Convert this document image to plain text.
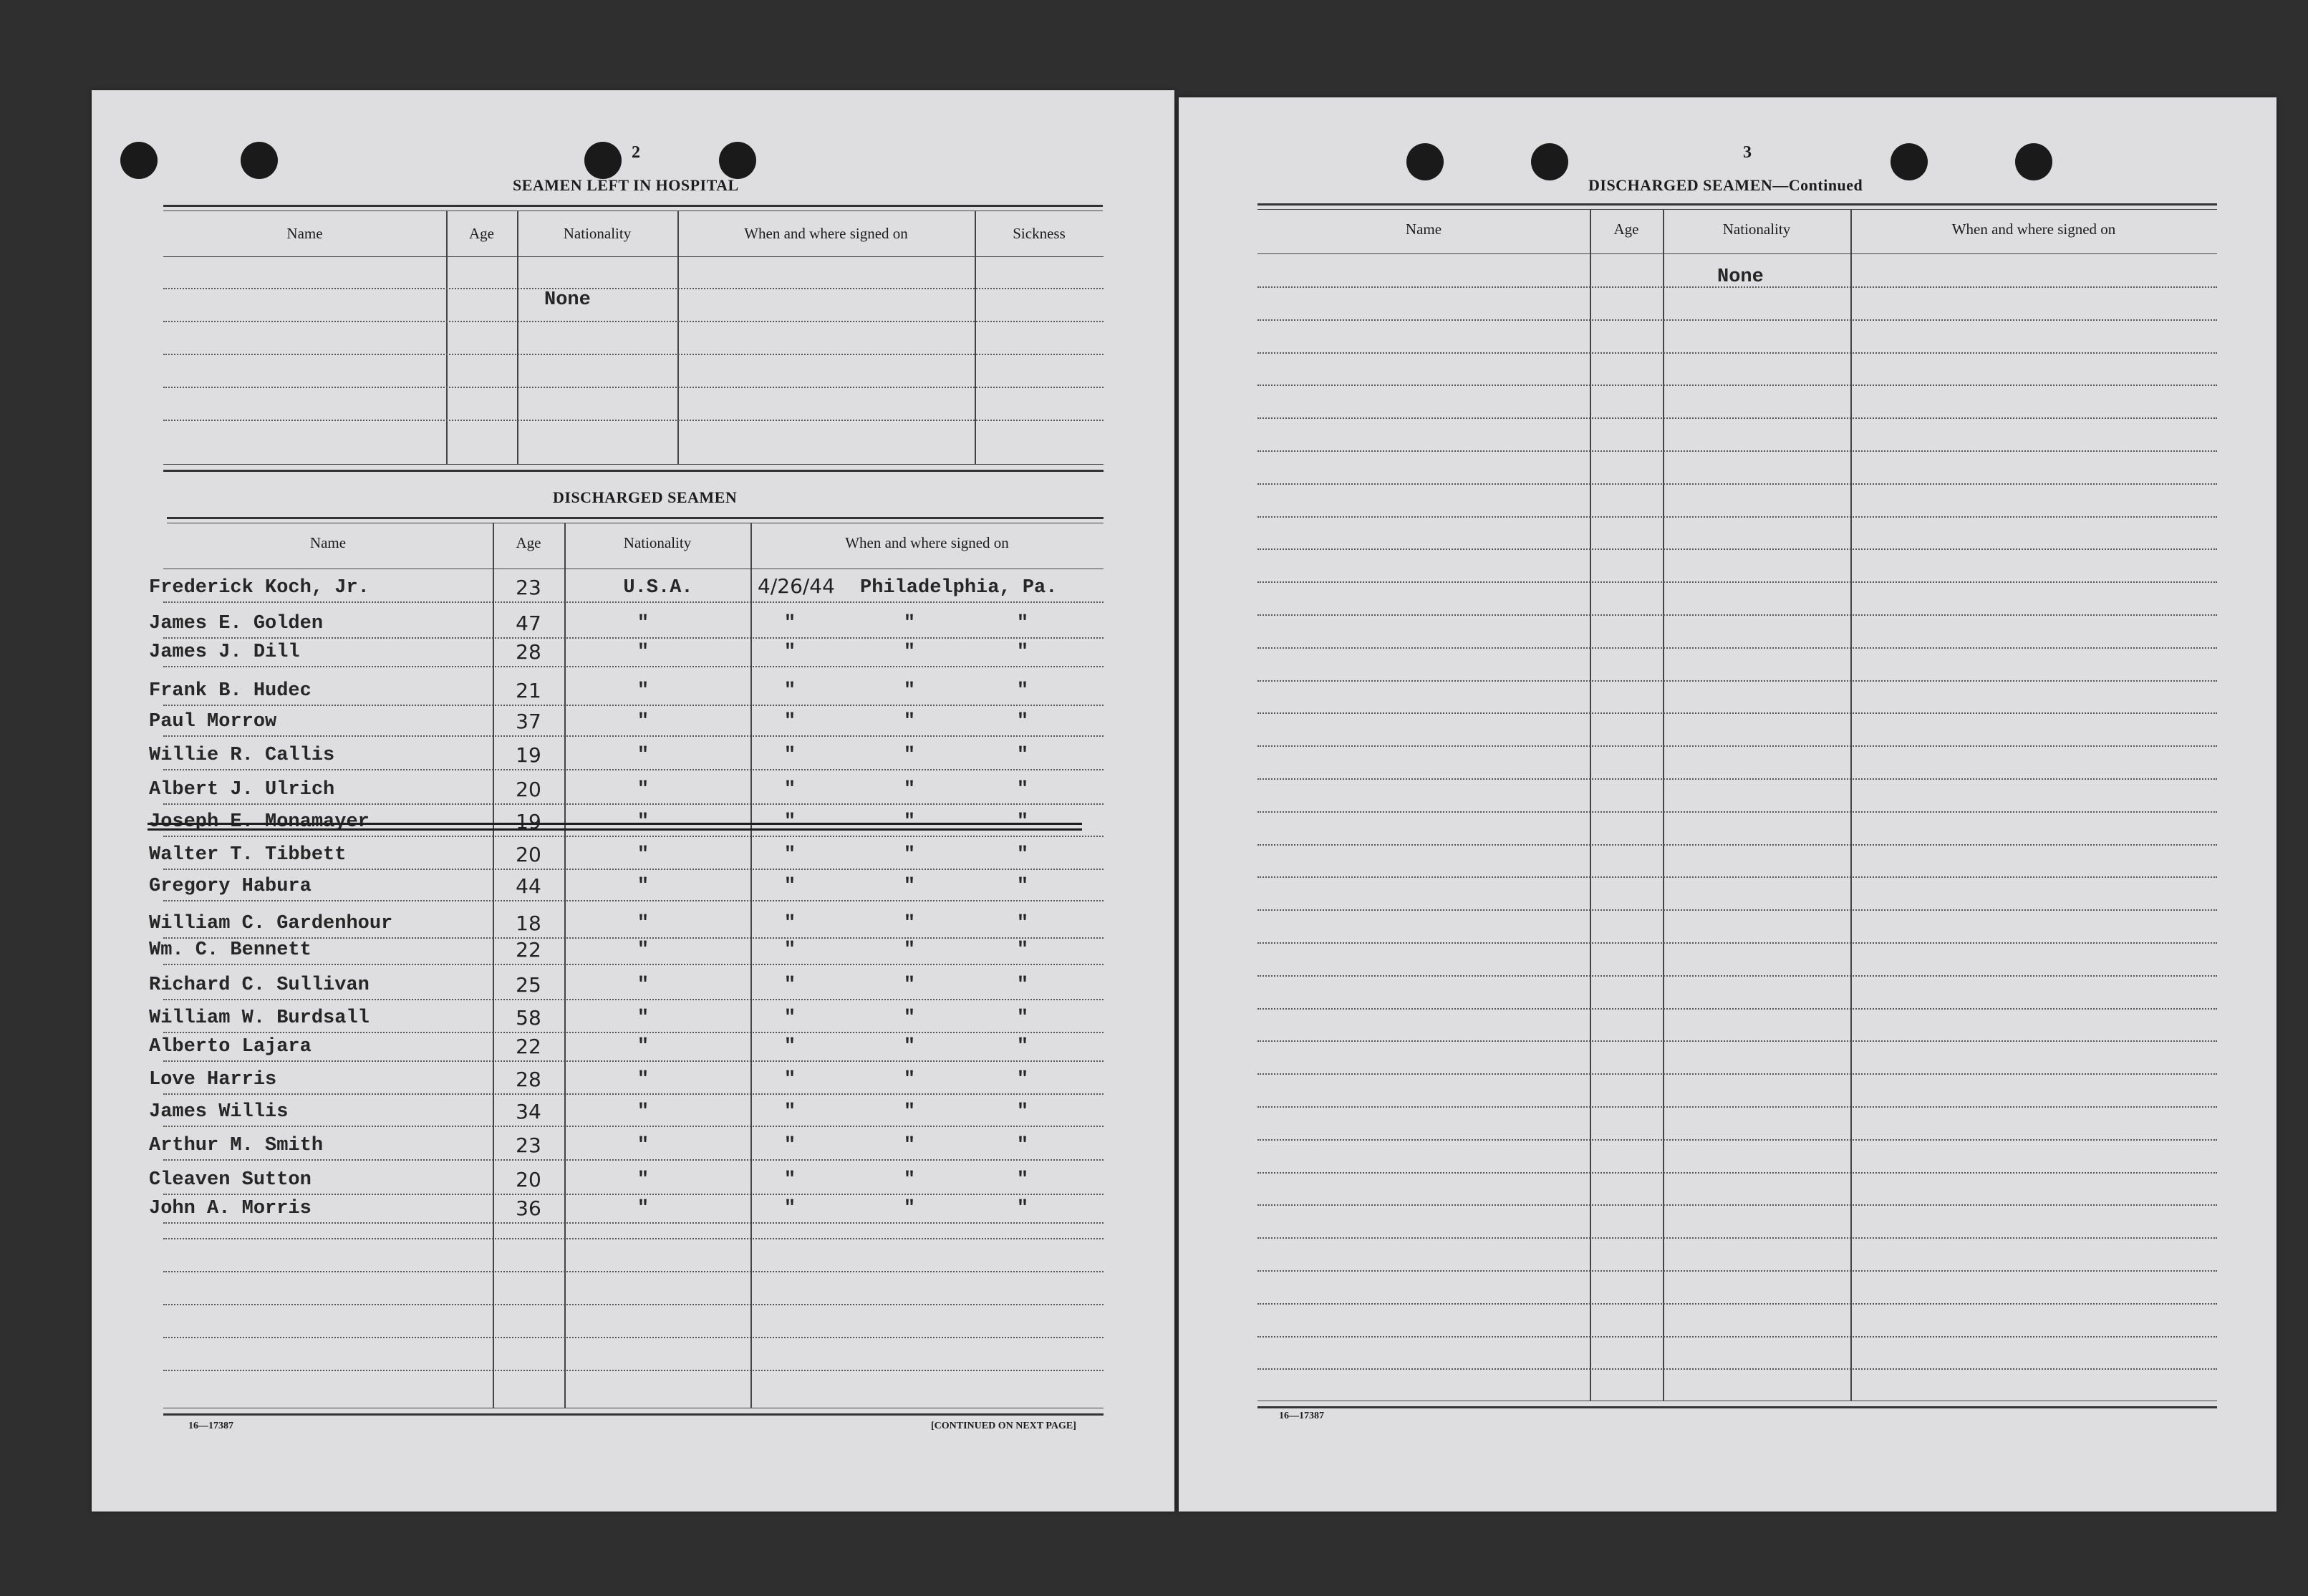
2
SEAMEN LEFT IN HOSPITAL
Name	Age	Nationality	When and where signed on	Sickness
None
DISCHARGED SEAMEN
Name	Age	Nationality	When and where signed on
Frederick Koch, Jr.	23	U.S.A.	4/26/44	Philadelphia, Pa.
James E. Golden	47	"	"	"	"
James J. Dill	28	"	"	"	"
Frank B. Hudec	21	"	"	"	"
Paul Morrow	37	"	"	"	"
Willie R. Callis	19	"	"	"	"
Albert J. Ulrich	20	"	"	"	"
Joseph E. Monamayer	19	"	"	"	"
Walter T. Tibbett	20	"	"	"	"
Gregory Habura	44	"	"	"	"
William C. Gardenhour	18	"	"	"	"
Wm. C. Bennett	22	"	"	"	"
Richard C. Sullivan	25	"	"	"	"
William W. Burdsall	58	"	"	"	"
Alberto Lajara	22	"	"	"	"
Love Harris	28	"	"	"	"
James Willis	34	"	"	"	"
Arthur M. Smith	23	"	"	"	"
Cleaven Sutton	20	"	"	"	"
John A. Morris	36	"	"	"	"
16—17387	[CONTINUED ON NEXT PAGE]
3
DISCHARGED SEAMEN—Continued
Name	Age	Nationality	When and where signed on
None
16—17387
